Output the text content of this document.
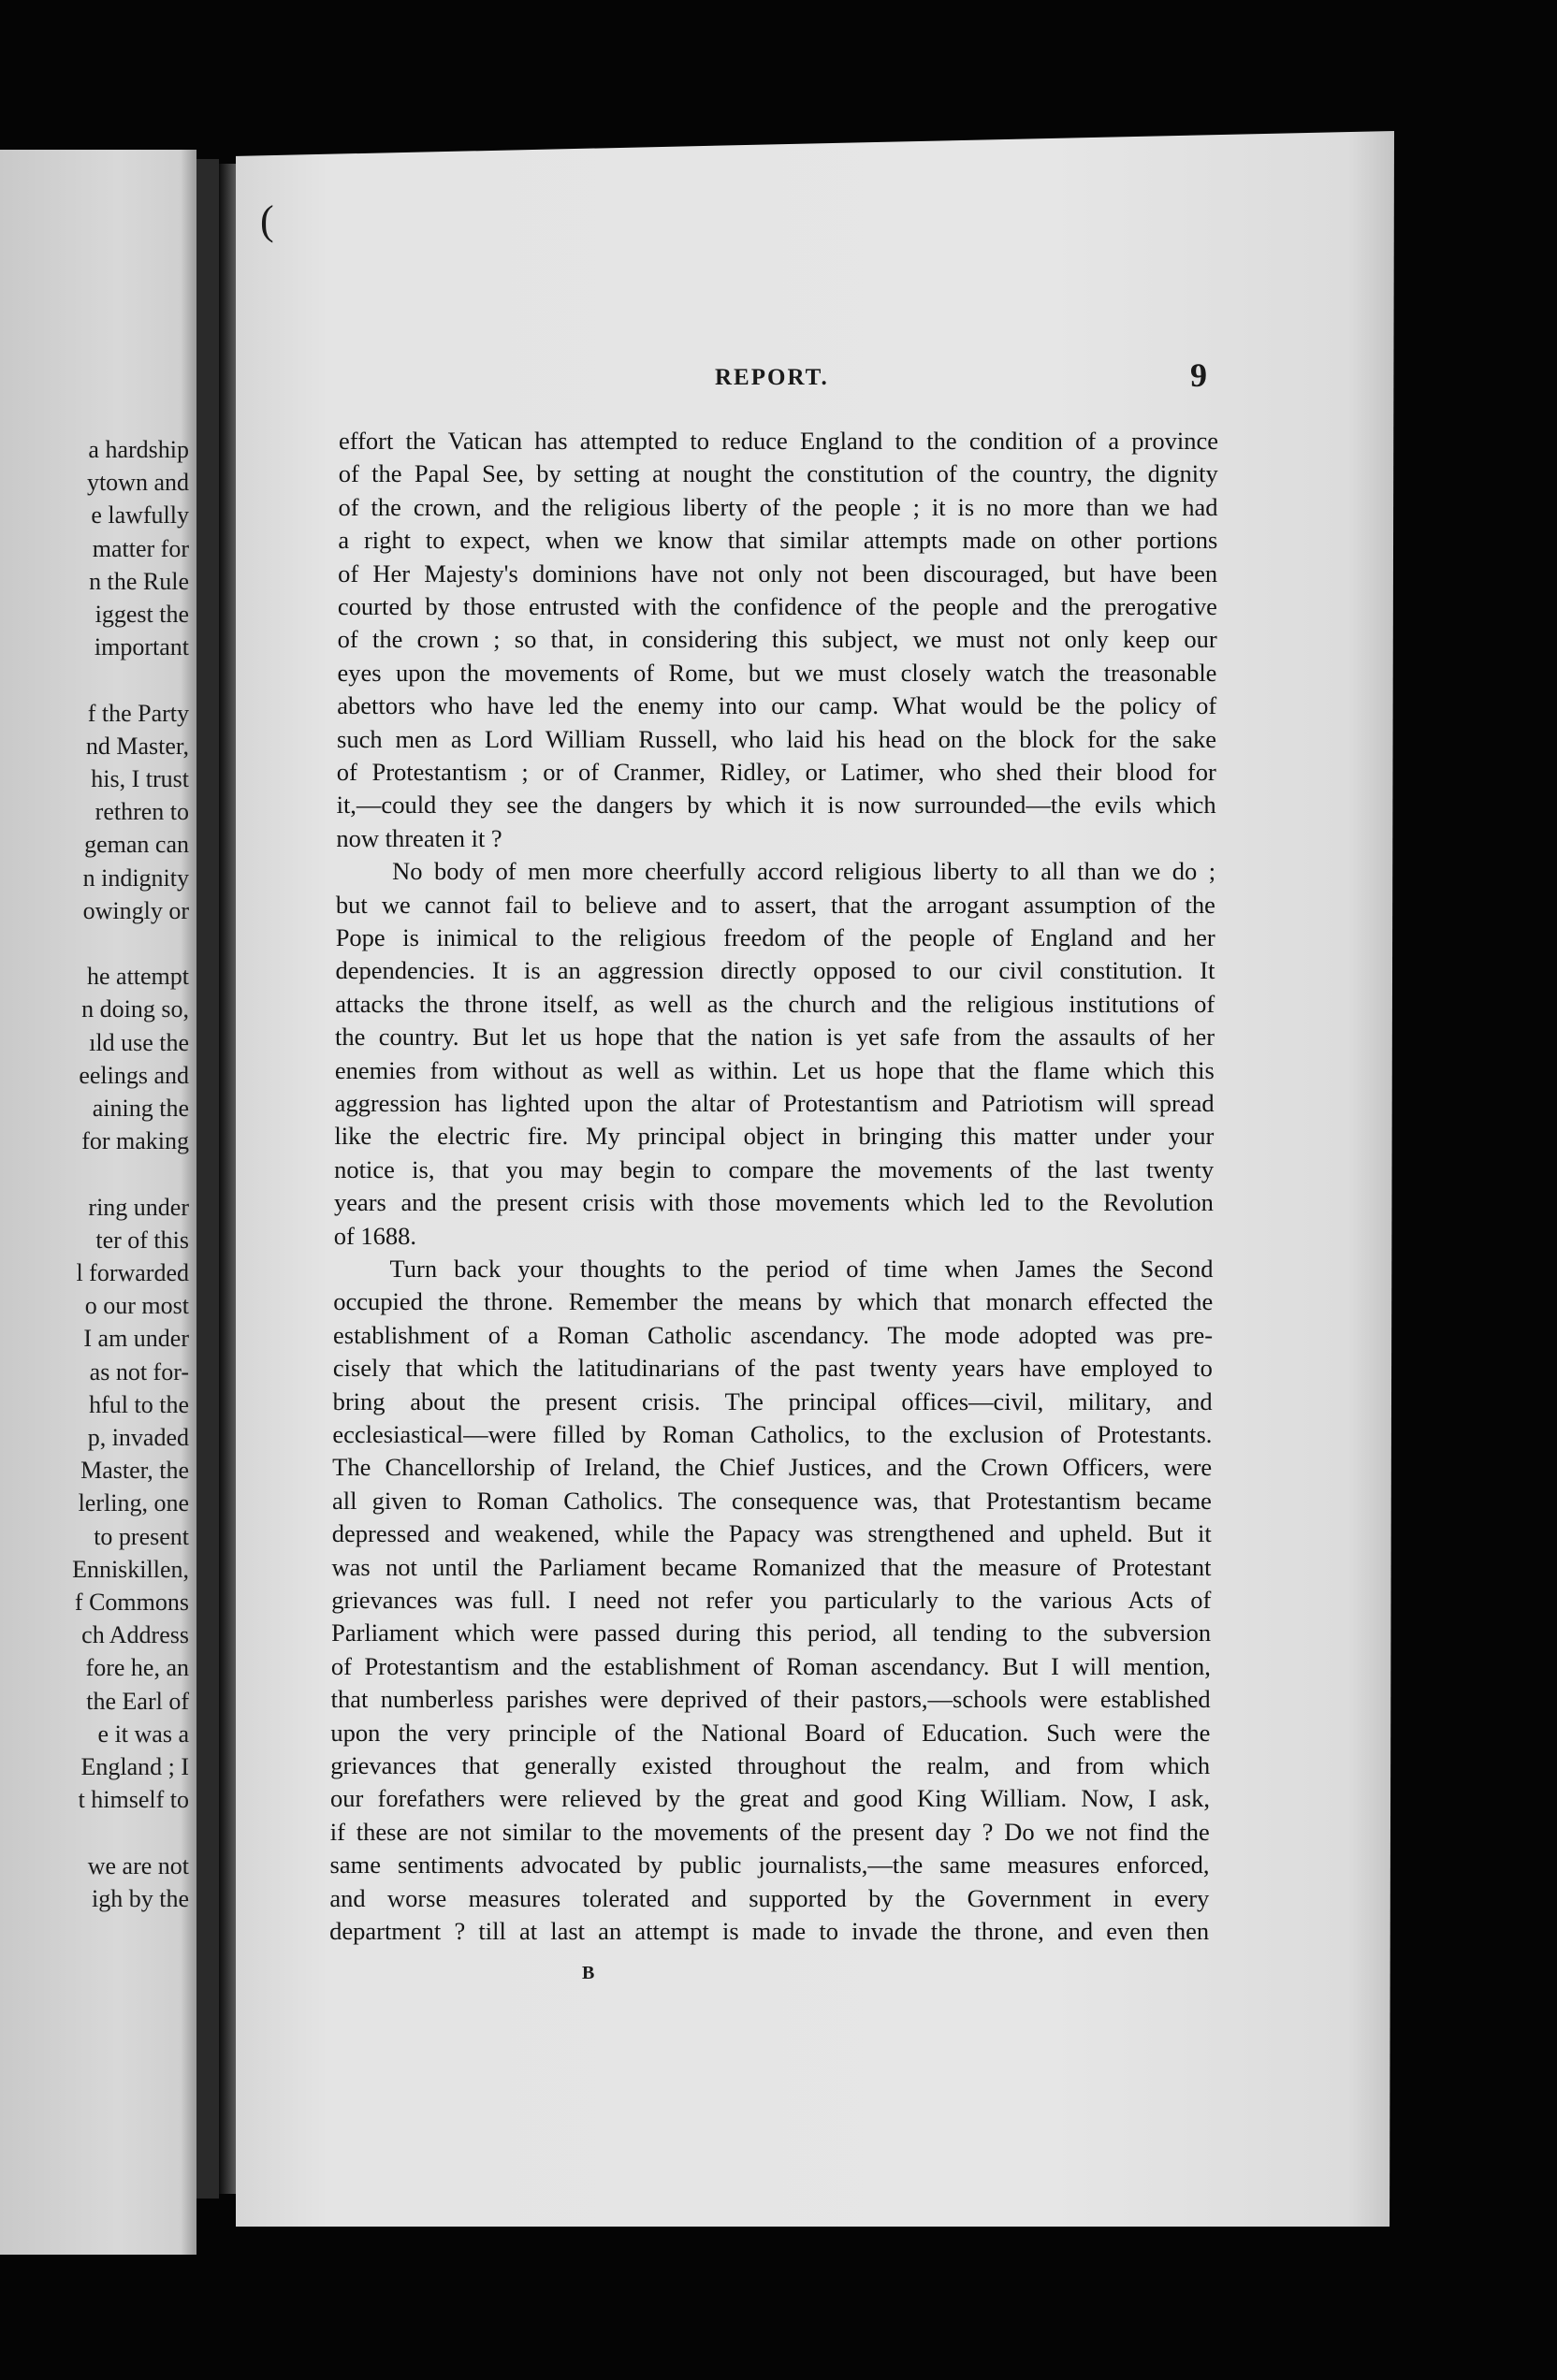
a hardship
ytown and
e lawfully
matter for
n the Rule
iggest the
important
f the Party
nd Master,
his, I trust
rethren to
geman can
n indignity
owingly or
he attempt
n doing so,
ıld use the
eelings and
aining the
for making
ring under
ter of this
l forwarded
o our most
I am under
as not for-
hful to the
p, invaded
Master, the
lerling, one
to present
Enniskillen,
f Commons
ch Address
fore he, an
the Earl of
e it was a
England ; I
t himself to
we are not
igh by the
(
REPORT.	9
effort the Vatican has attempted to reduce England to the condition of a province
of the Papal See, by setting at nought the constitution of the country, the dignity
of the crown, and the religious liberty of the people ; it is no more than we had
a right to expect, when we know that similar attempts made on other portions
of Her Majesty's dominions have not only not been discouraged, but have been
courted by those entrusted with the confidence of the people and the prerogative
of the crown ; so that, in considering this subject, we must not only keep our
eyes upon the movements of Rome, but we must closely watch the treasonable
abettors who have led the enemy into our camp. What would be the policy of
such men as Lord William Russell, who laid his head on the block for the sake
of Protestantism ; or of Cranmer, Ridley, or Latimer, who shed their blood for
it,—could they see the dangers by which it is now surrounded—the evils which
now threaten it ?
No body of men more cheerfully accord religious liberty to all than we do ;
but we cannot fail to believe and to assert, that the arrogant assumption of the
Pope is inimical to the religious freedom of the people of England and her
dependencies. It is an aggression directly opposed to our civil constitution. It
attacks the throne itself, as well as the church and the religious institutions of
the country. But let us hope that the nation is yet safe from the assaults of her
enemies from without as well as within. Let us hope that the flame which this
aggression has lighted upon the altar of Protestantism and Patriotism will spread
like the electric fire. My principal object in bringing this matter under your
notice is, that you may begin to compare the movements of the last twenty
years and the present crisis with those movements which led to the Revolution
of 1688.
Turn back your thoughts to the period of time when James the Second
occupied the throne. Remember the means by which that monarch effected the
establishment of a Roman Catholic ascendancy. The mode adopted was pre-
cisely that which the latitudinarians of the past twenty years have employed to
bring about the present crisis. The principal offices—civil, military, and
ecclesiastical—were filled by Roman Catholics, to the exclusion of Protestants.
The Chancellorship of Ireland, the Chief Justices, and the Crown Officers, were
all given to Roman Catholics. The consequence was, that Protestantism became
depressed and weakened, while the Papacy was strengthened and upheld. But it
was not until the Parliament became Romanized that the measure of Protestant
grievances was full. I need not refer you particularly to the various Acts of
Parliament which were passed during this period, all tending to the subversion
of Protestantism and the establishment of Roman ascendancy. But I will mention,
that numberless parishes were deprived of their pastors,—schools were established
upon the very principle of the National Board of Education. Such were the
grievances that generally existed throughout the realm, and from which
our forefathers were relieved by the great and good King William. Now, I ask,
if these are not similar to the movements of the present day ? Do we not find the
same sentiments advocated by public journalists,—the same measures enforced,
and worse measures tolerated and supported by the Government in every
department ? till at last an attempt is made to invade the throne, and even then
B
